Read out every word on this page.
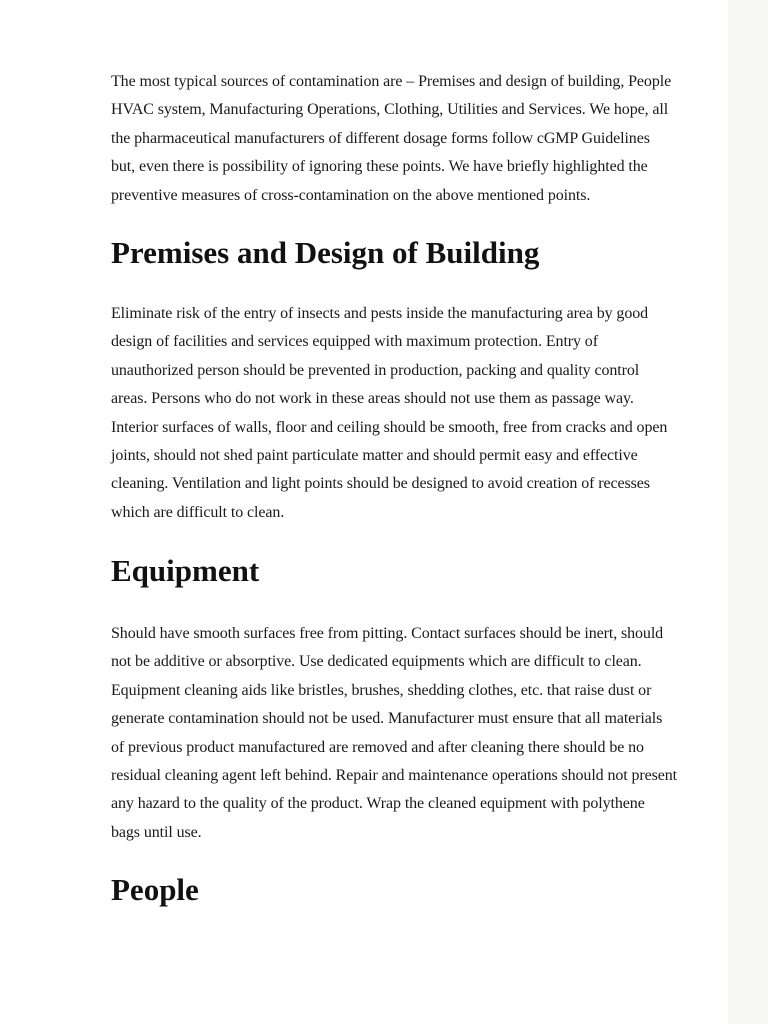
The most typical sources of contamination are – Premises and design of building, People
HVAC system, Manufacturing Operations, Clothing, Utilities and Services. We hope, all
the pharmaceutical manufacturers of different dosage forms follow cGMP Guidelines
but, even there is possibility of ignoring these points. We have briefly highlighted the
preventive measures of cross-contamination on the above mentioned points.

Premises and Design of Building

Eliminate risk of the entry of insects and pests inside the manufacturing area by good
design of facilities and services equipped with maximum protection. Entry of
unauthorized person should be prevented in production, packing and quality control
areas. Persons who do not work in these areas should not use them as passage way.
Interior surfaces of walls, floor and ceiling should be smooth, free from cracks and open
joints, should not shed paint particulate matter and should permit easy and effective
cleaning. Ventilation and light points should be designed to avoid creation of recesses
which are difficult to clean.

Equipment

Should have smooth surfaces free from pitting. Contact surfaces should be inert, should
not be additive or absorptive. Use dedicated equipments which are difficult to clean.
Equipment cleaning aids like bristles, brushes, shedding clothes, etc. that raise dust or
generate contamination should not be used. Manufacturer must ensure that all materials
of previous product manufactured are removed and after cleaning there should be no
residual cleaning agent left behind. Repair and maintenance operations should not present
any hazard to the quality of the product. Wrap the cleaned equipment with polythene
bags until use.

People
